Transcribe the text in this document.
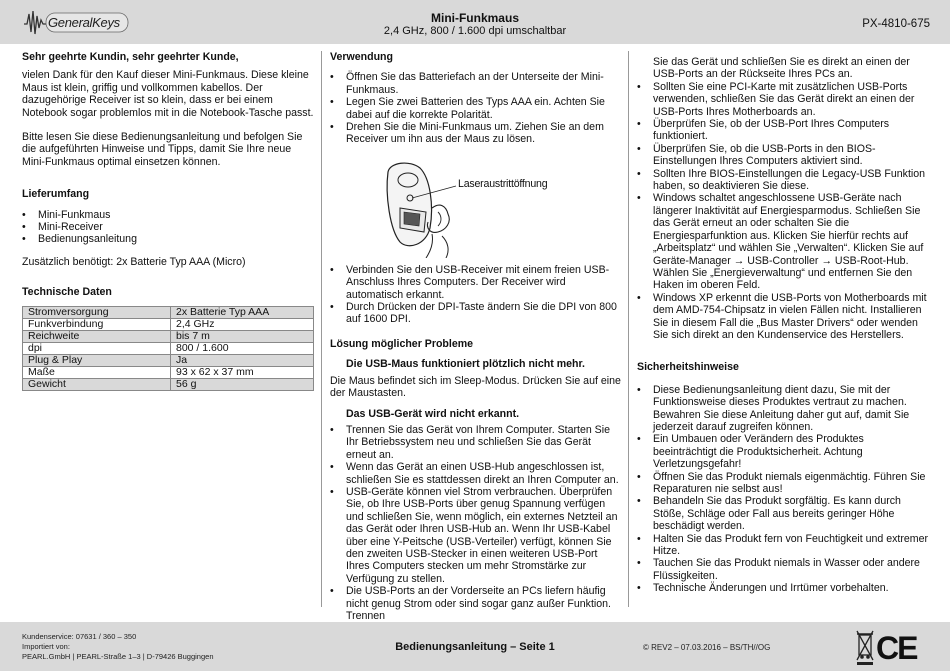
GeneralKeys	Mini-Funkmaus
2,4 GHz, 800 / 1.600 dpi umschaltbar
PX-4810-675

Sehr geehrte Kundin, sehr geehrter Kunde,

vielen Dank für den Kauf dieser Mini-Funkmaus. Diese kleine Maus ist klein, griffig und vollkommen kabellos. Der dazugehörige Receiver ist so klein, dass er bei einem Notebook sogar problemlos mit in die Notebook-Tasche passt.

Bitte lesen Sie diese Bedienungsanleitung und befolgen Sie die aufgeführten Hinweise und Tipps, damit Sie Ihre neue Mini-Funkmaus optimal einsetzen können.

Lieferumfang

• Mini-Funkmaus
• Mini-Receiver
• Bedienungsanleitung

Zusätzlich benötigt: 2x Batterie Typ AAA (Micro)

Technische Daten

Stromversorgung	2x Batterie Typ AAA
Funkverbindung	2,4 GHz
Reichweite	bis 7 m
dpi	800 / 1.600
Plug & Play	Ja
Maße	93 x 62 x 37 mm
Gewicht	56 g

Verwendung

• Öffnen Sie das Batteriefach an der Unterseite der Mini-Funkmaus.
• Legen Sie zwei Batterien des Typs AAA ein. Achten Sie dabei auf die korrekte Polarität.
• Drehen Sie die Mini-Funkmaus um. Ziehen Sie an dem Receiver um ihn aus der Maus zu lösen.
Laseraustrittöffnung
• Verbinden Sie den USB-Receiver mit einem freien USB-Anschluss Ihres Computers. Der Receiver wird automatisch erkannt.
• Durch Drücken der DPI-Taste ändern Sie die DPI von 800 auf 1600 DPI.

Lösung möglicher Probleme

Die USB-Maus funktioniert plötzlich nicht mehr.

Die Maus befindet sich im Sleep-Modus. Drücken Sie auf eine der Maustasten.

Das USB-Gerät wird nicht erkannt.

• Trennen Sie das Gerät von Ihrem Computer. Starten Sie Ihr Betriebssystem neu und schließen Sie das Gerät erneut an.
• Wenn das Gerät an einen USB-Hub angeschlossen ist, schließen Sie es stattdessen direkt an Ihren Computer an.
• USB-Geräte können viel Strom verbrauchen. Überprüfen Sie, ob Ihre USB-Ports über genug Spannung verfügen und schließen Sie, wenn möglich, ein externes Netzteil an das Gerät oder Ihren USB-Hub an. Wenn Ihr USB-Kabel über eine Y-Peitsche (USB-Verteiler) verfügt, können Sie den zweiten USB-Stecker in einen weiteren USB-Port Ihres Computers stecken um mehr Stromstärke zur Verfügung zu stellen.
• Die USB-Ports an der Vorderseite an PCs liefern häufig nicht genug Strom oder sind sogar ganz außer Funktion. Trennen

Sie das Gerät und schließen Sie es direkt an einen der USB-Ports an der Rückseite Ihres PCs an.

• Sollten Sie eine PCI-Karte mit zusätzlichen USB-Ports verwenden, schließen Sie das Gerät direkt an einen der USB-Ports Ihres Motherboards an.
• Überprüfen Sie, ob der USB-Port Ihres Computers funktioniert.
• Überprüfen Sie, ob die USB-Ports in den BIOS-Einstellungen Ihres Computers aktiviert sind.
• Sollten Ihre BIOS-Einstellungen die Legacy-USB Funktion haben, so deaktivieren Sie diese.
• Windows schaltet angeschlossene USB-Geräte nach längerer Inaktivität auf Energiesparmodus. Schließen Sie das Gerät erneut an oder schalten Sie die Energiesparfunktion aus. Klicken Sie hierfür rechts auf „Arbeitsplatz“ und wählen Sie „Verwalten“. Klicken Sie auf Geräte-Manager → USB-Controller → USB-Root-Hub. Wählen Sie „Energieverwaltung“ und entfernen Sie den Haken im oberen Feld.
• Windows XP erkennt die USB-Ports von Motherboards mit dem AMD-754-Chipsatz in vielen Fällen nicht. Installieren Sie in diesem Fall die „Bus Master Drivers“ oder wenden Sie sich direkt an den Kundenservice des Herstellers.

Sicherheitshinweise

• Diese Bedienungsanleitung dient dazu, Sie mit der Funktionsweise dieses Produktes vertraut zu machen. Bewahren Sie diese Anleitung daher gut auf, damit Sie jederzeit darauf zugreifen können.
• Ein Umbauen oder Verändern des Produktes beeinträchtigt die Produktsicherheit. Achtung Verletzungsgefahr!
• Öffnen Sie das Produkt niemals eigenmächtig. Führen Sie Reparaturen nie selbst aus!
• Behandeln Sie das Produkt sorgfältig. Es kann durch Stöße, Schläge oder Fall aus bereits geringer Höhe beschädigt werden.
• Halten Sie das Produkt fern von Feuchtigkeit und extremer Hitze.
• Tauchen Sie das Produkt niemals in Wasser oder andere Flüssigkeiten.
• Technische Änderungen und Irrtümer vorbehalten.
Kundenservice: 07631 / 360 – 350
Importiert von:
PEARL.GmbH | PEARL-Straße 1–3 | D-79426 Buggingen
Bedienungsanleitung – Seite 1	© REV2 – 07.03.2016 – BS/TH//OG	CE
